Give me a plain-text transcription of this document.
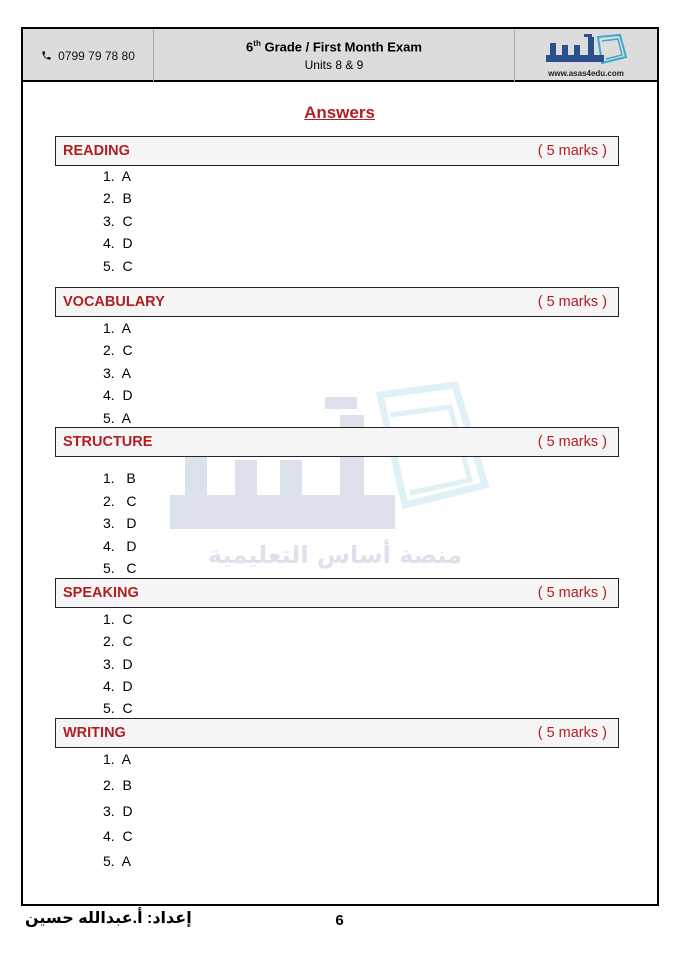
0799 79 78 80
6th Grade / First Month Exam
Units 8 & 9
www.asas4edu.com
Answers
منصة أساس التعليمية
READING	( 5 marks )
1.  A
2.  B
3.  C
4.  D
5.  C
VOCABULARY	( 5 marks )
1.  A
2.  C
3.  A
4.  D
5.  A
STRUCTURE	( 5 marks )
1.   B
2.   C
3.   D
4.   D
5.   C
SPEAKING	( 5 marks )
1.  C
2.  C
3.  D
4.  D
5.  C
WRITING	( 5 marks )
1.  A
2.  B
3.  D
4.  C
5.  A
إعداد: أ.عبدالله حسين	6
